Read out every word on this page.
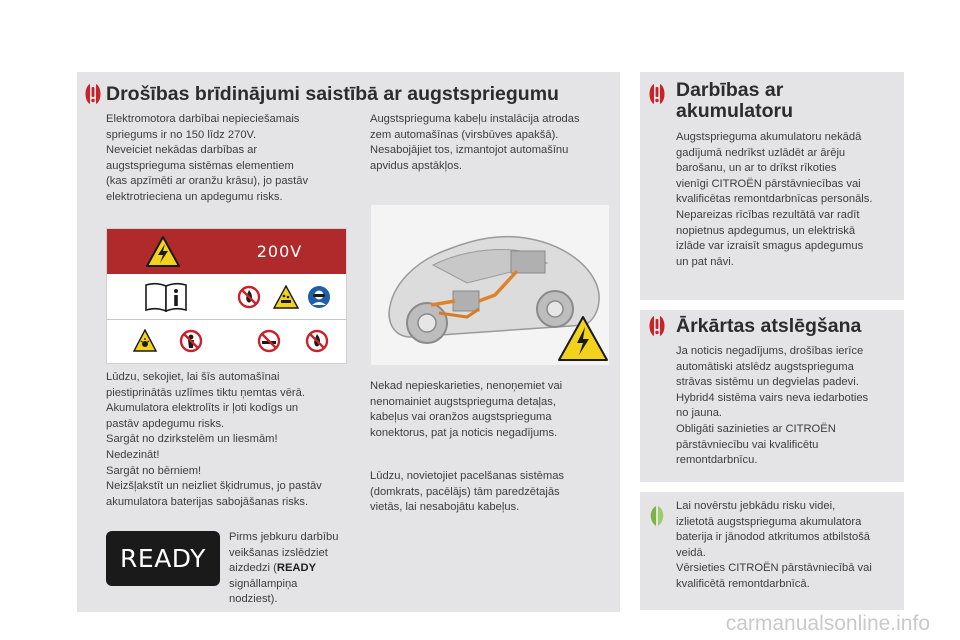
Drošības brīdinājumi saistībā ar augstspriegumu

Elektromotora darbībai nepieciešamais
spriegums ir no 150 līdz 270V.
Neveiciet nekādas darbības ar
augstsprieguma sistēmas elementiem
(kas apzīmēti ar oranžu krāsu), jo pastāv
elektrotrieciena un apdegumu risks.

Augstsprieguma kabeļu instalācija atrodas
zem automašīnas (virsbūves apakšā).
Nesabojājiet tos, izmantojot automašīnu
apvidus apstākļos.

200V

Lūdzu, sekojiet, lai šīs automašīnai
piestiprinātās uzlīmes tiktu ņemtas vērā.
Akumulatora elektrolīts ir ļoti kodīgs un
pastāv apdegumu risks.
Sargāt no dzirkstelēm un liesmām!
Nedezināt!
Sargāt no bērniem!
Neizšļakstīt un neizliet šķidrumus, jo pastāv
akumulatora baterijas sabojāšanas risks.

Nekad nepieskarieties, nenoņemiet vai
nenomainiet augstsprieguma detaļas,
kabeļus vai oranžos augstsprieguma
konektorus, pat ja noticis negadījums.

Lūdzu, novietojiet pacelšanas sistēmas
(domkrats, pacēlājs) tām paredzētajās
vietās, lai nesabojātu kabeļus.

READY

Pirms jebkuru darbību
veikšanas izslēdziet
aizdedzi (READY
signāllampiņa
nodziest).

Darbības ar
akumulatoru

Augstsprieguma akumulatoru nekādā
gadījumā nedrīkst uzlādēt ar ārēju
barošanu, un ar to drīkst rīkoties
vienīgi CITROËN pārstāvniecības vai
kvalificētas remontdarbnīcas personāls.
Nepareizas rīcības rezultātā var radīt
nopietnus apdegumus, un elektriskā
izlāde var izraisīt smagus apdegumus
un pat nāvi.

Ārkārtas atslēgšana

Ja noticis negadījums, drošības ierīce
automātiski atslēdz augstsprieguma
strāvas sistēmu un degvielas padevi.
Hybrid4 sistēma vairs neva iedarboties
no jauna.
Obligāti sazinieties ar CITROËN
pārstāvniecību vai kvalificētu
remontdarbnīcu.

Lai novērstu jebkādu risku videi,
izlietotā augstsprieguma akumulatora
baterija ir jānodod atkritumos atbilstošā
veidā.
Vērsieties CITROËN pārstāvniecībā vai
kvalificētā remontdarbnīcā.

carmanualsonline.info
